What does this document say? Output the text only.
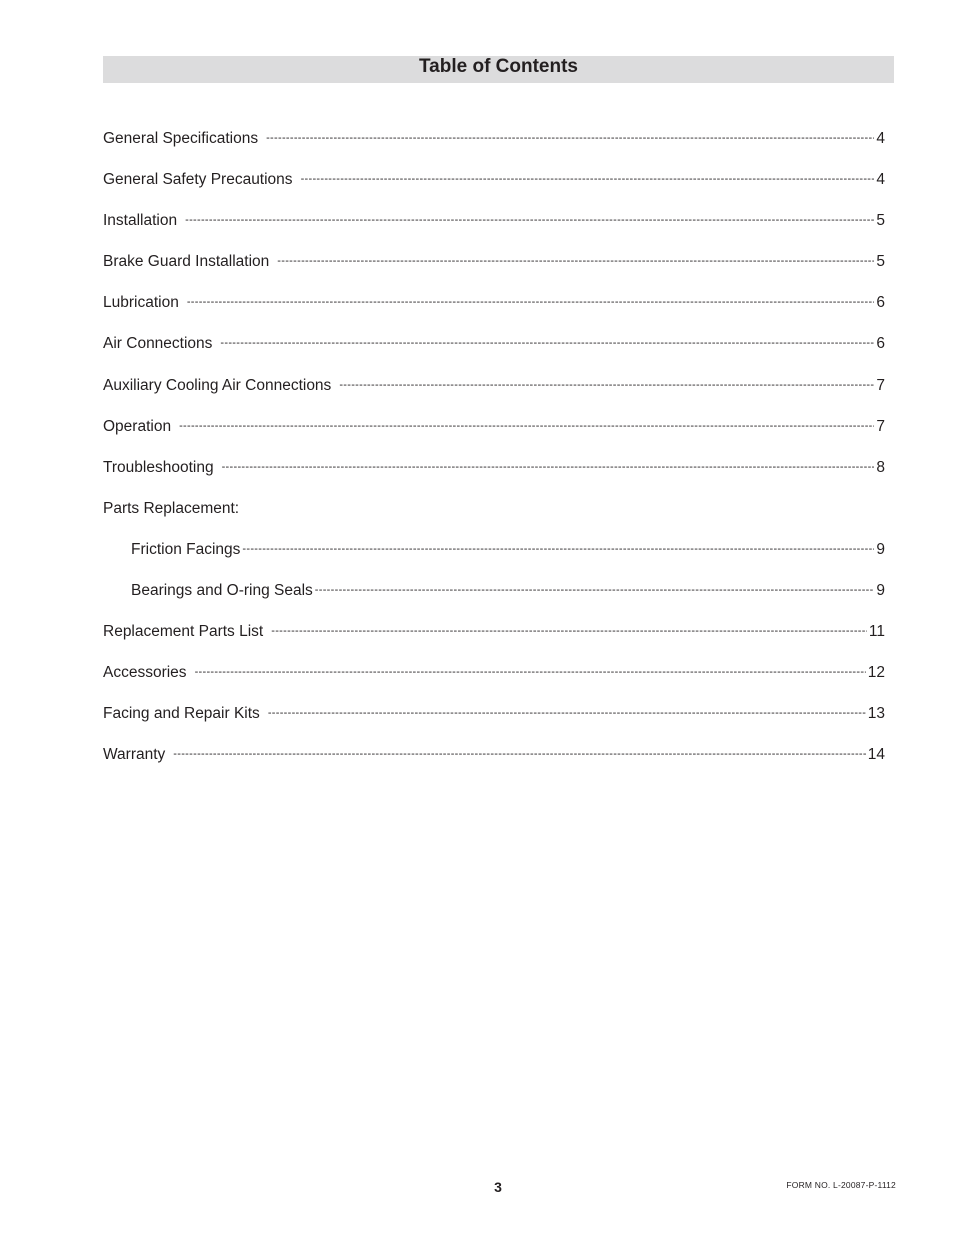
Table of Contents
General Specifications -----	4
General Safety Precautions -----	4
Installation -----	5
Brake Guard Installation -----	5
Lubrication -----	6
Air Connections -----	6
Auxiliary Cooling Air Connections -----	7
Operation -----	7
Troubleshooting -----	8
Parts Replacement:
Friction Facings -----	9
Bearings and O-ring Seals -----	9
Replacement Parts List -----	11
Accessories -----	12
Facing and Repair Kits -----	13
Warranty -----	14
3	FORM NO. L-20087-P-1112
